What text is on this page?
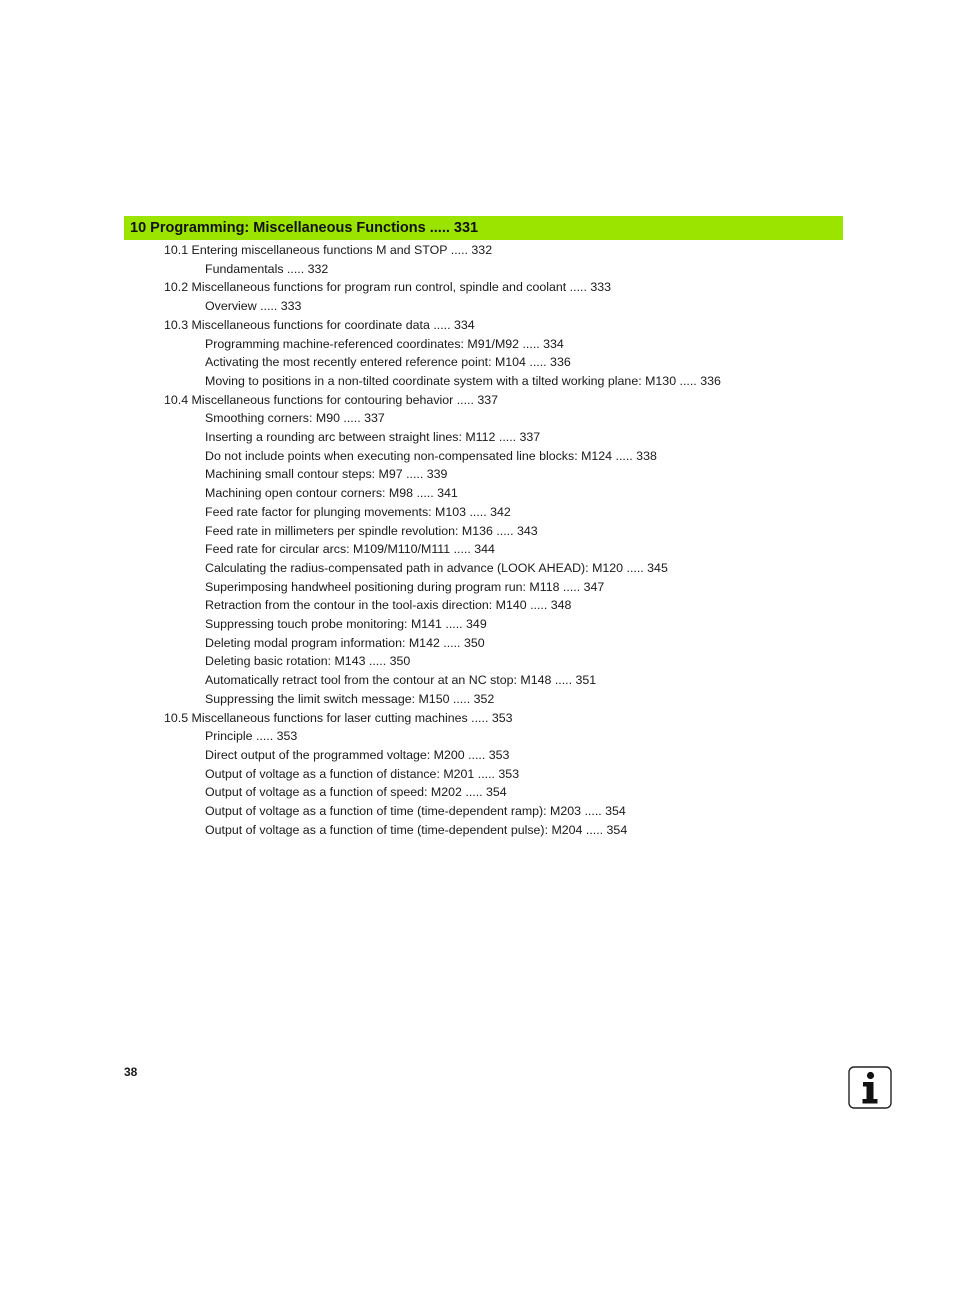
10 Programming: Miscellaneous Functions ..... 331
10.1 Entering miscellaneous functions M and STOP ..... 332
Fundamentals ..... 332
10.2 Miscellaneous functions for program run control, spindle and coolant ..... 333
Overview ..... 333
10.3 Miscellaneous functions for coordinate data ..... 334
Programming machine-referenced coordinates: M91/M92 ..... 334
Activating the most recently entered reference point: M104 ..... 336
Moving to positions in a non-tilted coordinate system with a tilted working plane: M130 ..... 336
10.4 Miscellaneous functions for contouring behavior ..... 337
Smoothing corners: M90 ..... 337
Inserting a rounding arc between straight lines: M112 ..... 337
Do not include points when executing non-compensated line blocks: M124 ..... 338
Machining small contour steps: M97 ..... 339
Machining open contour corners: M98 ..... 341
Feed rate factor for plunging movements: M103 ..... 342
Feed rate in millimeters per spindle revolution: M136 ..... 343
Feed rate for circular arcs: M109/M110/M111 ..... 344
Calculating the radius-compensated path in advance (LOOK AHEAD): M120 ..... 345
Superimposing handwheel positioning during program run: M118 ..... 347
Retraction from the contour in the tool-axis direction: M140 ..... 348
Suppressing touch probe monitoring: M141 ..... 349
Deleting modal program information: M142 ..... 350
Deleting basic rotation: M143 ..... 350
Automatically retract tool from the contour at an NC stop: M148 ..... 351
Suppressing the limit switch message: M150 ..... 352
10.5 Miscellaneous functions for laser cutting machines ..... 353
Principle ..... 353
Direct output of the programmed voltage: M200 ..... 353
Output of voltage as a function of distance: M201 ..... 353
Output of voltage as a function of speed: M202 ..... 354
Output of voltage as a function of time (time-dependent ramp): M203 ..... 354
Output of voltage as a function of time (time-dependent pulse): M204 ..... 354
38
